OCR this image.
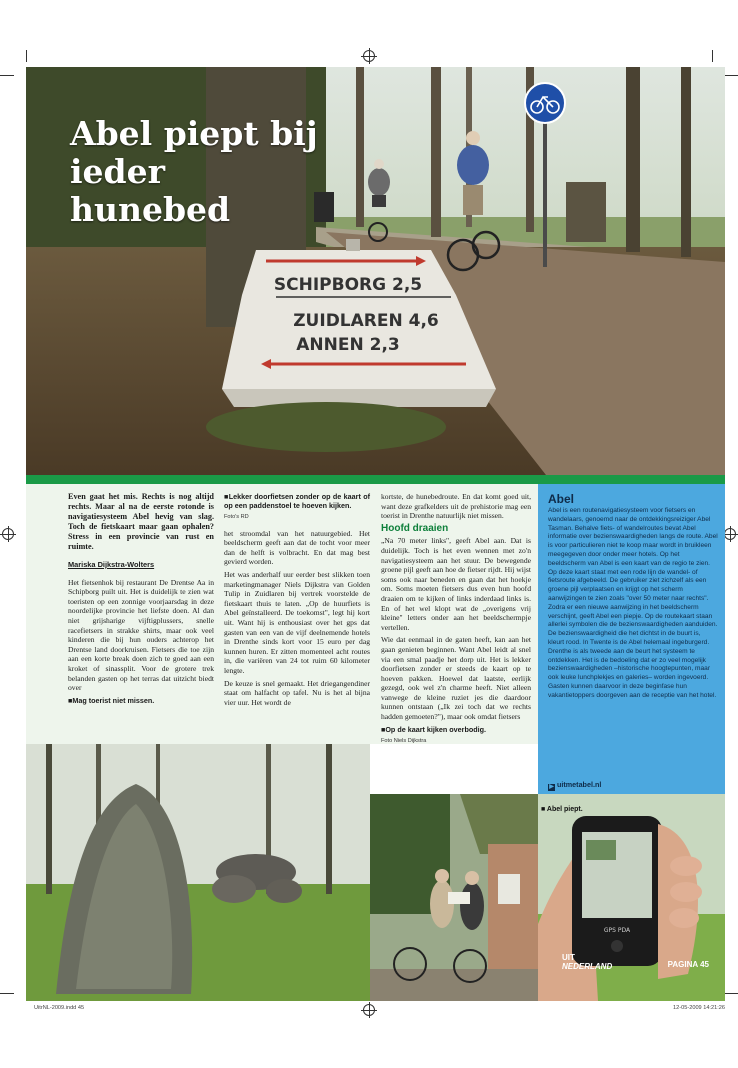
SCHIPBORG 2,5
ZUIDLAREN 4,6
ANNEN 2,3
Abel piept bij ieder hunebed

Even gaat het mis. Rechts is nog altijd rechts. Maar al na de eerste rotonde is navigatiesysteem Abel hevig van slag. Toch de fietskaart maar gaan ophalen? Stress in een provincie van rust en ruimte.

Mariska Dijkstra-Wolters

Het fietsenhok bij restaurant De Drentse Aa in Schipborg puilt uit. Het is duidelijk te zien wat toeristen op een zonnige voorjaarsdag in deze noordelijke provincie het liefste doen. Al dan niet grijsharige vijftigplussers, snelle racefietsers in strakke shirts, maar ook veel kinderen die bij hun ouders achterop het Drentse land doorkruisen. Fietsers die toe zijn aan een korte break doen zich te goed aan een kroket of sinassplit. Voor de grotere trek belanden gasten op het terras dat uitzicht biedt over

■ Mag toerist niet missen.

■ Lekker doorfietsen zonder op de kaart of op een paddenstoel te hoeven kijken.

Foto's RD

het stroomdal van het natuurgebied. Het beeldscherm geeft aan dat de tocht voor meer dan de helft is volbracht. En dat mag best gevierd worden.

Het was anderhalf uur eerder best slikken toen marketingmanager Niels Dijkstra van Golden Tulip in Zuidlaren bij vertrek voorstelde de fietskaart thuis te laten. „Op de huurfiets is Abel geïnstalleerd. De toekomst", legt hij kort uit. Want hij is enthousiast over het gps dat gasten van een van de vijf deelnemende hotels in Drenthe sinds kort voor 15 euro per dag kunnen huren. Er zitten momenteel acht routes in, die variëren van 24 tot ruim 60 kilometer lengte.

De keuze is snel gemaakt. Het driegangendiner staat om halfacht op tafel. Nu is het al bijna vier uur. Het wordt de

kortste, de hunebedroute. En dat komt goed uit, want deze grafkelders uit de prehistorie mag een toerist in Drenthe natuurlijk niet missen.

Hoofd draaien

„Na 70 meter links", geeft Abel aan. Dat is duidelijk. Toch is het even wennen met zo'n navigatiesysteem aan het stuur. De bewegende groene pijl geeft aan hoe de fietser rijdt. Hij wijst soms ook naar beneden en gaan dat het hoekje om. Soms moeten fietsers dus even hun hoofd draaien om te kijken of links inderdaad links is. En of het wel klopt wat de „overigens vrij kleine" letters onder aan het beeldschermpje vertellen.

Wie dat eenmaal in de gaten heeft, kan aan het gaan genieten beginnen. Want Abel leidt al snel via een smal paadje het dorp uit. Het is lekker doorfietsen zonder er steeds de kaart op te hoeven pakken. Hoewel dat laatste, eerlijk gezegd, ook wel z'n charme heeft. Niet alleen vanwege de kleine ruziet jes die daardoor kunnen ontstaan („Ik zei toch dat we rechts hadden gemoeten?"), maar ook omdat fietsers

■ Op de kaart kijken overbodig.

Foto Niels Dijkstra

Abel

Abel is een routenavigatiesysteem voor fietsers en wandelaars, genoemd naar de ontdekkingsreiziger Abel Tasman. Behalve fiets- of wandelroutes bevat Abel informatie over bezienswaardigheden langs de route. Abel is voor particulieren niet te koop maar wordt in bruikleen meegegeven door onder meer hotels. Op het beeldscherm van Abel is een kaart van de regio te zien. Op deze kaart staat met een rode lijn de wandel- of fietsroute afgebeeld. De gebruiker ziet zichzelf als een groene pijl verplaatsen en krijgt op het scherm aanwijzingen te zien zoals "over 50 meter naar rechts". Zodra er een nieuwe aanwijzing in het beeldscherm verschijnt, geeft Abel een piepje. Op de routekaart staan allerlei symbolen die de bezienswaardigheden aanduiden. De bezienswaardigheid die het dichtst in de buurt is, kleurt rood. In Twente is de Abel helemaal ingeburgerd. Drenthe is als tweede aan de beurt het systeem te ontdekken. Het is de bedoeling dat er zo veel mogelijk bezienswaardigheden –historische hoogtepunten, maar ook leuke lunchplekjes en galeries– worden ingevoerd. Gasten kunnen daarvoor in deze beginfase hun vakantietoppers doorgeven aan de receptie van het hotel.

▶ uitmetabel.nl
GPS PDA
■ Abel piept.
UIT
NEDERLAND	PAGINA 45
UitrNL-2009.indd 45	12-05-2009 14:21:26
